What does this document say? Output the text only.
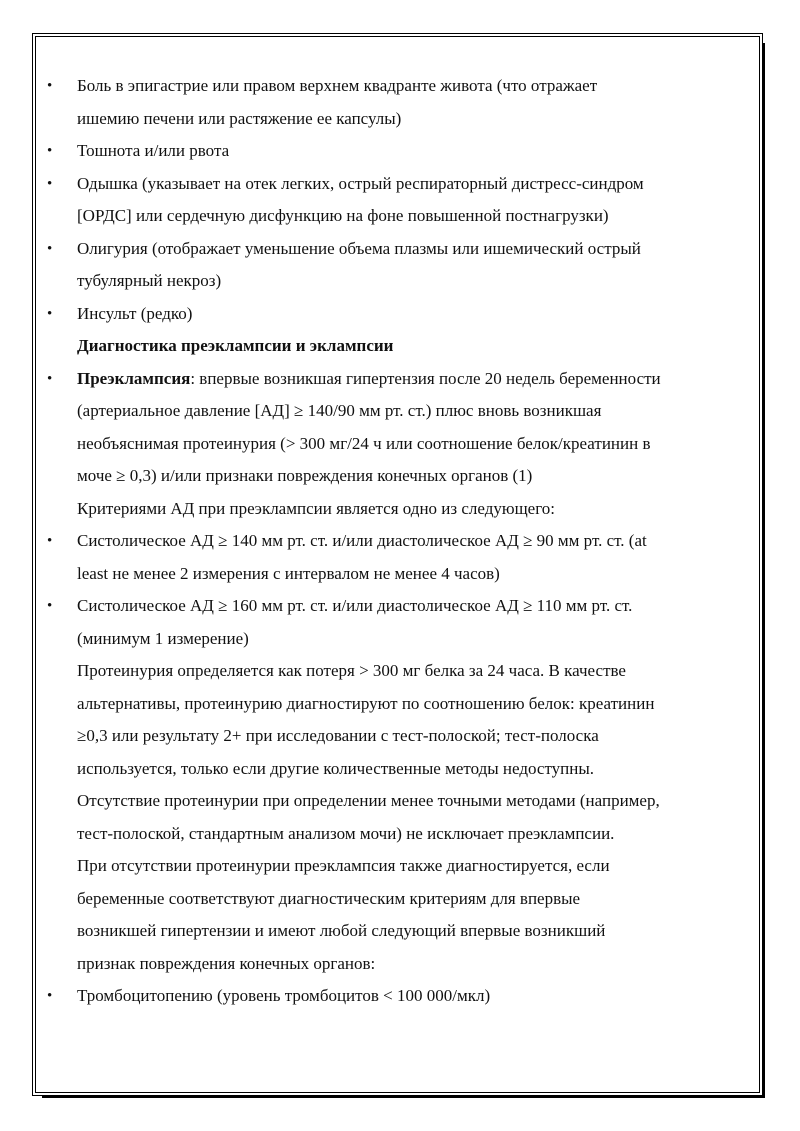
• Боль в эпигастрие или правом верхнем квадранте живота (что отражает
ишемию печени или растяжение ее капсулы)
• Тошнота и/или рвота
• Одышка (указывает на отек легких, острый респираторный дистресс-синдром
[ОРДС] или сердечную дисфункцию на фоне повышенной постнагрузки)
• Олигурия (отображает уменьшение объема плазмы или ишемический острый
тубулярный некроз)
• Инсульт (редко)
Диагностика преэклампсии и эклампсии
• Преэклампсия: впервые возникшая гипертензия после 20 недель беременности
(артериальное давление [АД] ≥ 140/90 мм рт. ст.) плюс вновь возникшая
необъяснимая протеинурия (> 300 мг/24 ч или соотношение белок/креатинин в
моче ≥ 0,3) и/или признаки повреждения конечных органов (1)
Критериями АД при преэклампсии является одно из следующего:
• Систолическое АД ≥ 140 мм рт. ст. и/или диастолическое АД ≥ 90 мм рт. ст. (at
least не менее 2 измерения с интервалом не менее 4 часов)
• Систолическое АД ≥ 160 мм рт. ст. и/или диастолическое АД ≥ 110 мм рт. ст.
(минимум 1 измерение)
Протеинурия определяется как потеря > 300 мг белка за 24 часа. В качестве
альтернативы, протеинурию диагностируют по соотношению белок: креатинин
≥0,3 или результату 2+ при исследовании с тест-полоской; тест-полоска
используется, только если другие количественные методы недоступны.
Отсутствие протеинурии при определении менее точными методами (например,
тест-полоской, стандартным анализом мочи) не исключает преэклампсии.
При отсутствии протеинурии преэклампсия также диагностируется, если
беременные соответствуют диагностическим критериям для впервые
возникшей гипертензии и имеют любой следующий впервые возникший
признак повреждения конечных органов:
• Тромбоцитопению (уровень тромбоцитов < 100 000/мкл)
